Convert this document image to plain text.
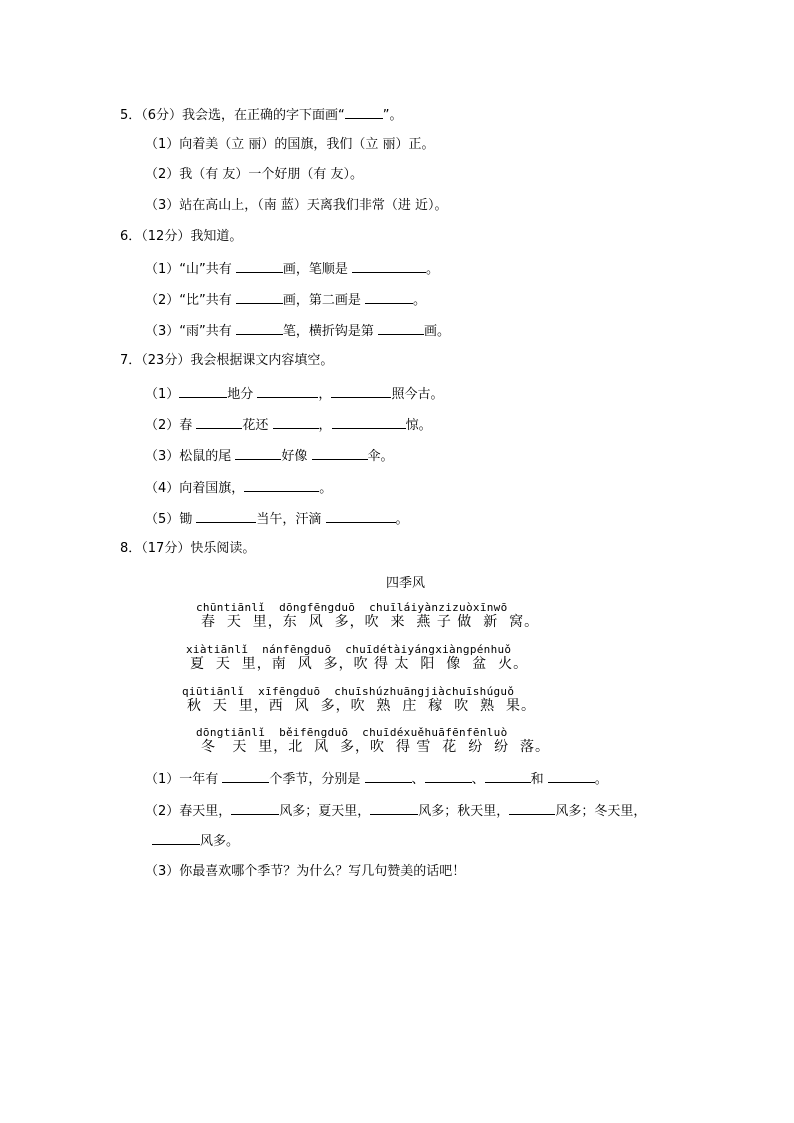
5．（6分）我会选，在正确的字下面画“	”。
（1）向着美（立 丽）的国旗，我们（立 丽）正。
（2）我（有 友）一个好朋（有 友）。
（3）站在高山上，（南 蓝）天离我们非常（进 近）。
6．（12分）我知道。
（1）“山”共有	画，笔顺是	。
（2）“比”共有	画，第二画是	。
（3）“雨”共有	笔，横折钩是第	画。
7．（23分）我会根据课文内容填空。
（1）	地分	，	照今古。
（2）春	花还	，	惊。
（3）松鼠的尾	好像	伞。
（4）向着国旗，	。
（5）锄	当午，汗滴	。
8．（17分）快乐阅读。
四季风
chūntiānlǐ  dōngfēngduō  chuīláiyànzizuòxīnwō
春  天  里，东  风  多，吹  来  燕 子 做  新  窝。
xiàtiānlǐ  nánfēngduō  chuīdétàiyángxiàngpénhuǒ
夏  天  里，南  风  多，吹 得 太  阳  像  盆  火。
qiūtiānlǐ  xīfēngduō  chuīshúzhuāngjiàchuīshúguǒ
秋  天  里，西  风  多，吹  熟  庄  稼  吹  熟  果。
dōngtiānlǐ  běifēngduō  chuīdéxuěhuāfēnfēnluò
冬   天  里，北  风  多，吹  得 雪  花  纷  纷  落。
（1）一年有	个季节，分别是	、	、	和	。
（2）春天里，	风多；夏天里，	风多；秋天里，	风多；冬天里，
风多。
（3）你最喜欢哪个季节？为什么？写几句赞美的话吧！
